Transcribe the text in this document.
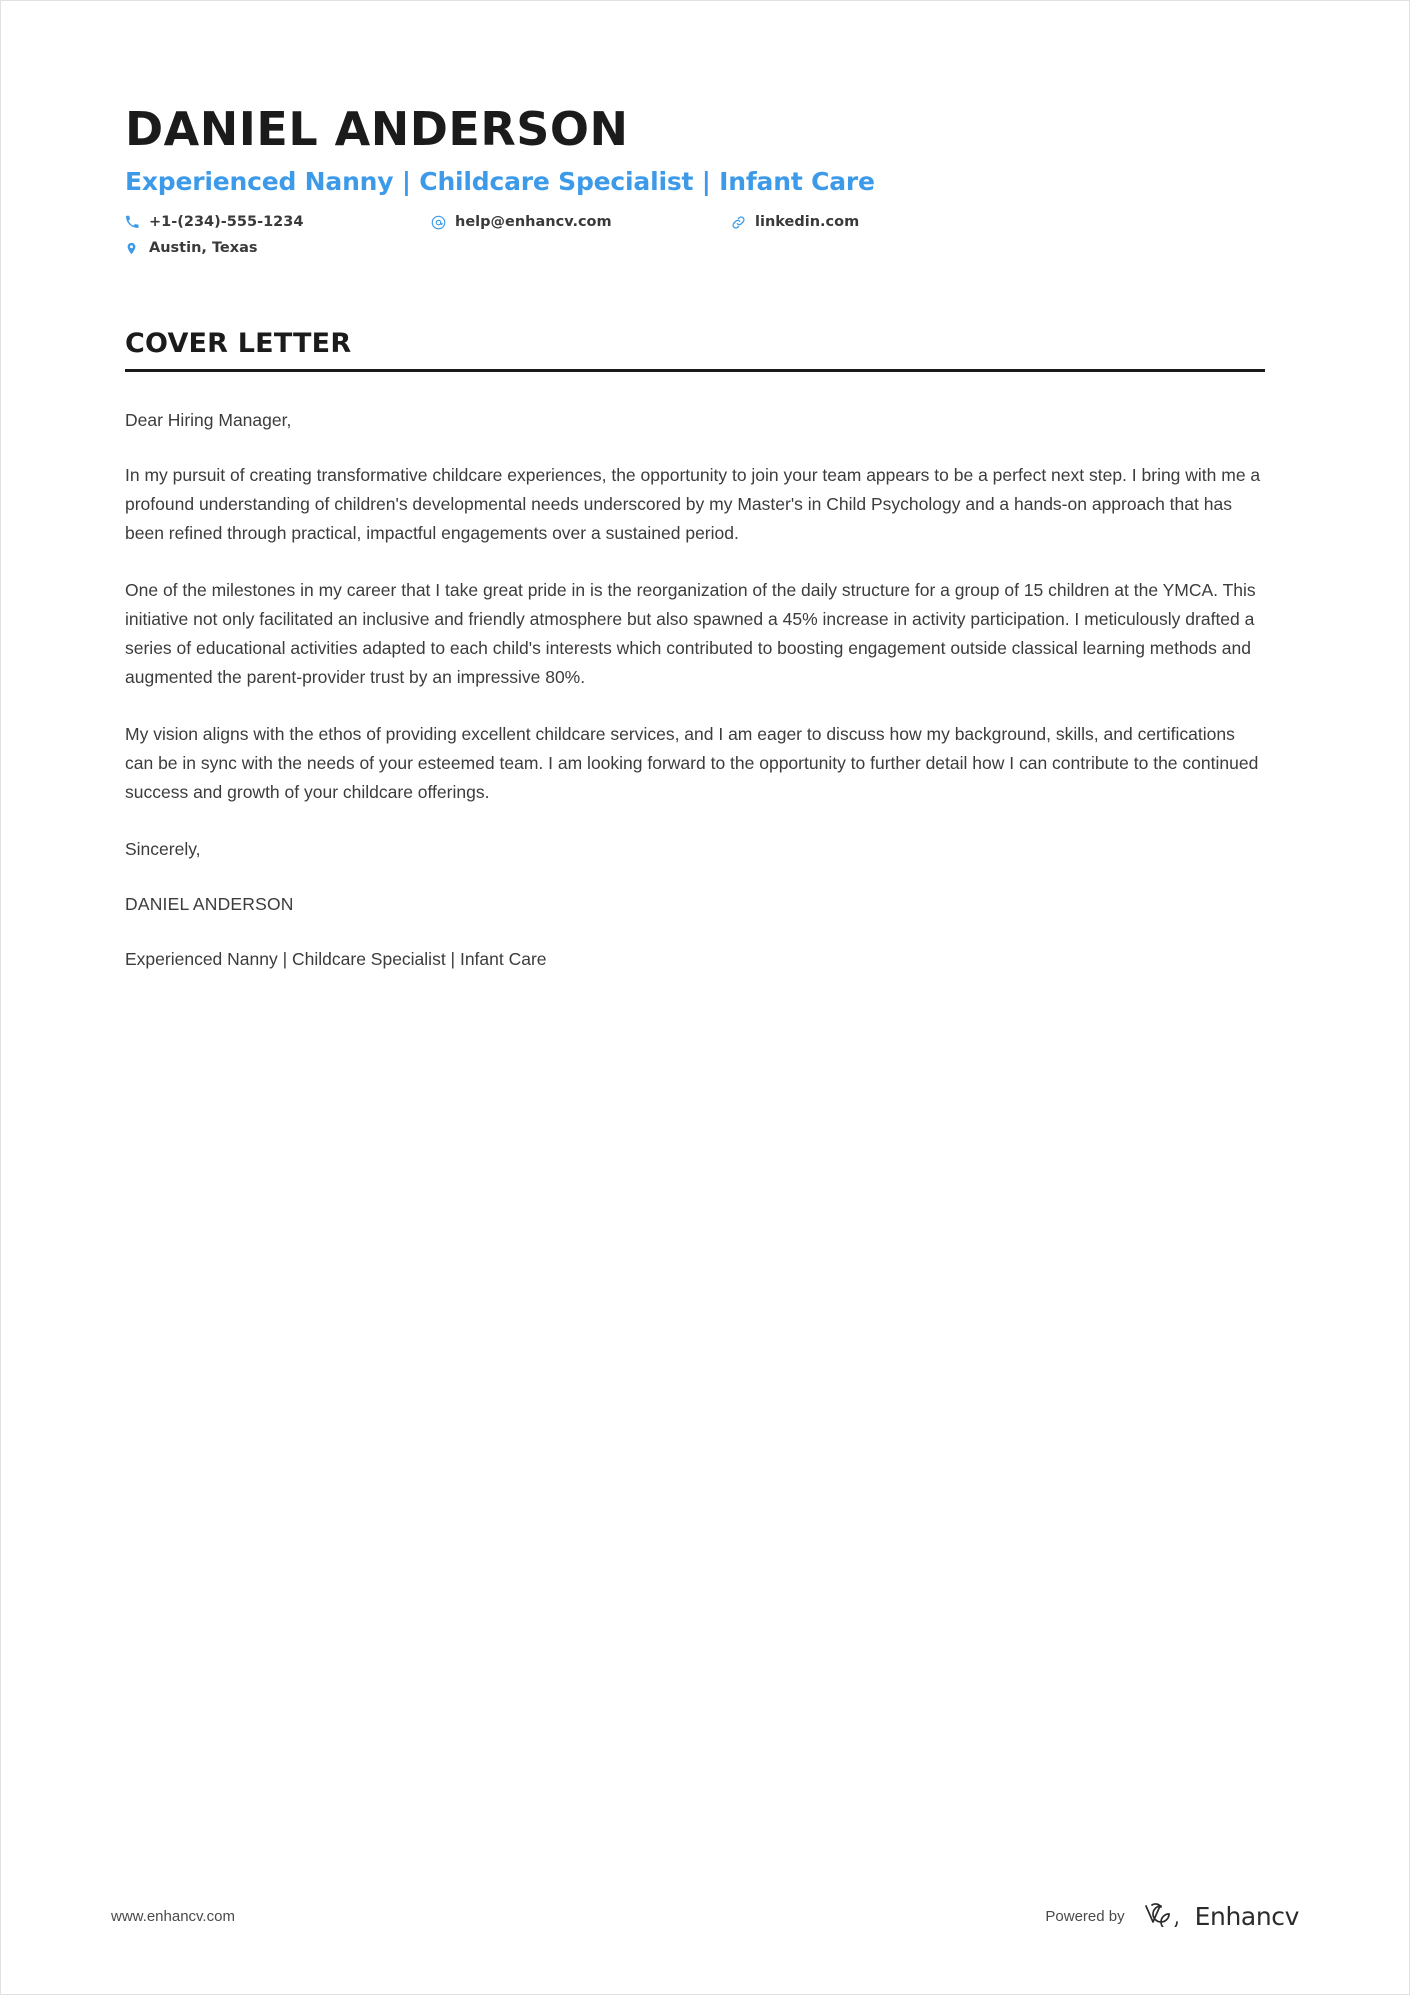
DANIEL ANDERSON
Experienced Nanny | Childcare Specialist | Infant Care
+1-(234)-555-1234	help@enhancv.com	linkedin.com
Austin, Texas
COVER LETTER
Dear Hiring Manager,
In my pursuit of creating transformative childcare experiences, the opportunity to join your team appears to be a perfect next step. I bring with me a profound understanding of children's developmental needs underscored by my Master's in Child Psychology and a hands-on approach that has been refined through practical, impactful engagements over a sustained period.
One of the milestones in my career that I take great pride in is the reorganization of the daily structure for a group of 15 children at the YMCA. This initiative not only facilitated an inclusive and friendly atmosphere but also spawned a 45% increase in activity participation. I meticulously drafted a series of educational activities adapted to each child's interests which contributed to boosting engagement outside classical learning methods and augmented the parent-provider trust by an impressive 80%.
My vision aligns with the ethos of providing excellent childcare services, and I am eager to discuss how my background, skills, and certifications can be in sync with the needs of your esteemed team. I am looking forward to the opportunity to further detail how I can contribute to the continued success and growth of your childcare offerings.
Sincerely,
DANIEL ANDERSON
Experienced Nanny | Childcare Specialist | Infant Care
www.enhancv.com	Powered by	Enhancv
